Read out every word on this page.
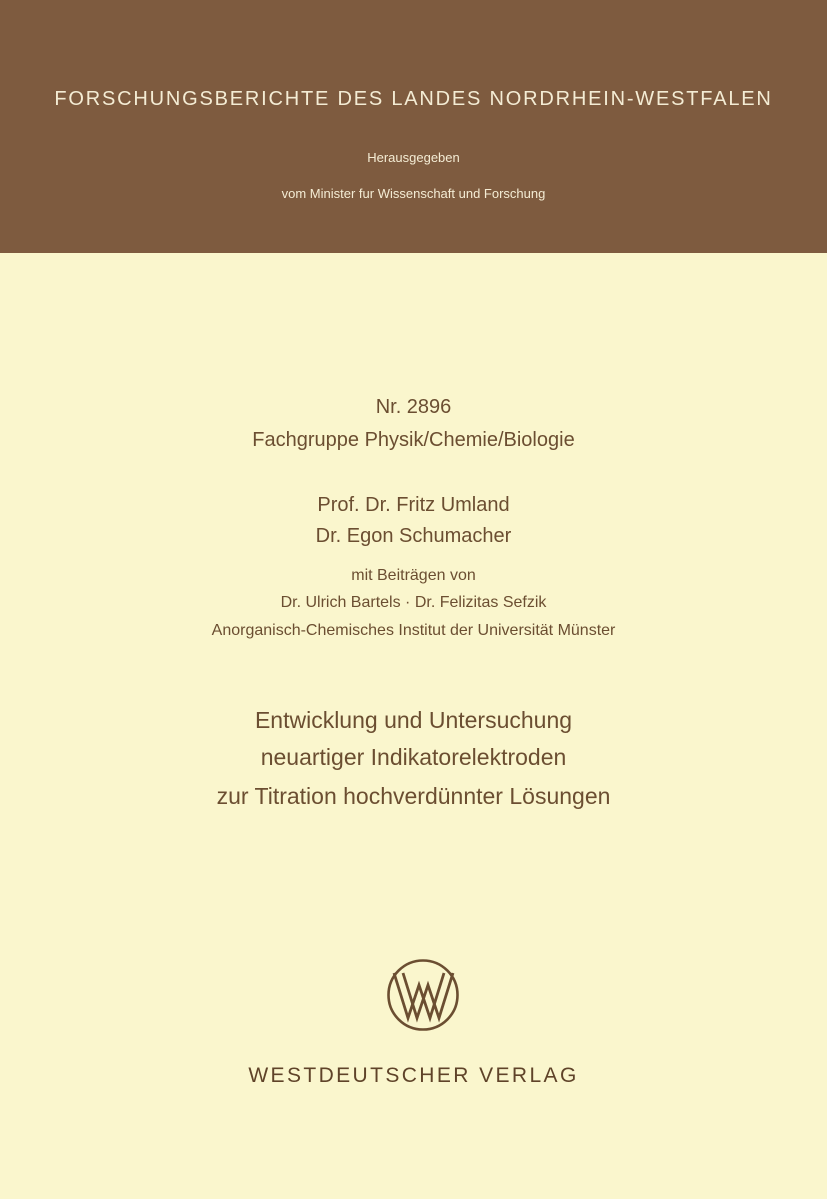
FORSCHUNGSBERICHTE DES LANDES NORDRHEIN-WESTFALEN
Herausgegeben
vom Minister fur Wissenschaft und Forschung
Nr. 2896
Fachgruppe Physik/Chemie/Biologie
Prof. Dr. Fritz Umland
Dr. Egon Schumacher
mit Beiträgen von
Dr. Ulrich Bartels · Dr. Felizitas Sefzik
Anorganisch-Chemisches Institut der Universität Münster
Entwicklung und Untersuchung
neuartiger Indikatorelektroden
zur Titration hochverdünnter Lösungen
WESTDEUTSCHER VERLAG
